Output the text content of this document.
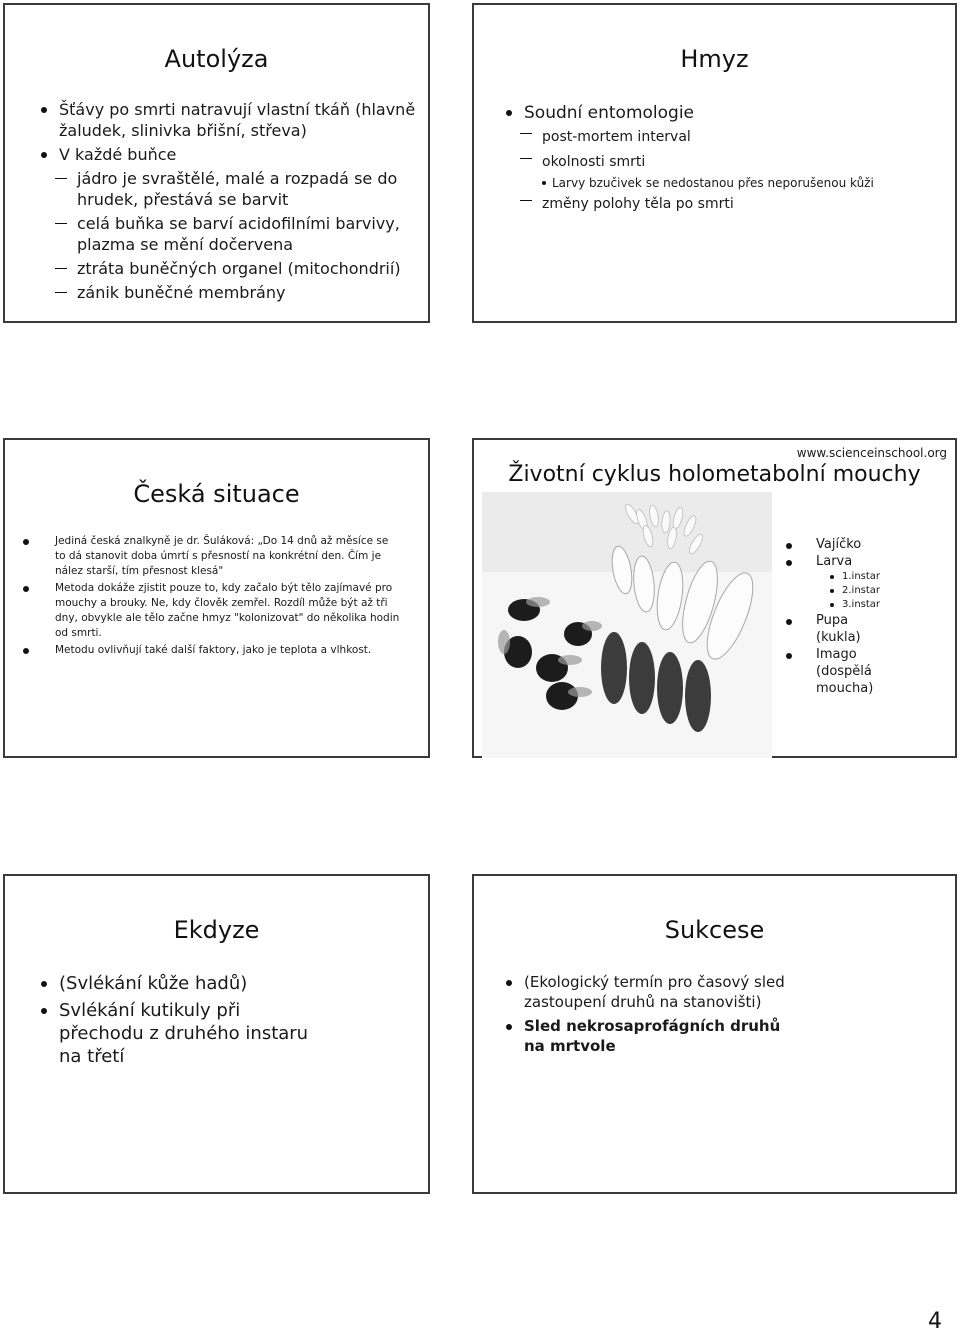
Autolýza
Šťávy po smrti natravují vlastní tkáň (hlavně žaludek, slinivka břišní, střeva)
V každé buňce
jádro je svraštělé, malé a rozpadá se do hrudek, přestává se barvit
celá buňka se barví acidofilními barvivy, plazma se mění dočervena
ztráta buněčných organel (mitochondrií)
zánik buněčné membrány
Hmyz
Soudní entomologie
post-mortem interval
okolnosti smrti
Larvy bzučivek se nedostanou přes neporušenou kůži
změny polohy těla po smrti
Česká situace
Jediná česká znalkyně je dr. Šuláková: „Do 14 dnů až měsíce se to dá stanovit doba úmrtí s přesností na konkrétní den. Čím je nález starší, tím přesnost klesá"
Metoda dokáže zjistit pouze to, kdy začalo být tělo zajímavé pro mouchy a brouky. Ne, kdy člověk zemřel. Rozdíl může být až tři dny, obvykle ale tělo začne hmyz "kolonizovat" do několika hodin od smrti.
Metodu ovlivňují také další faktory, jako je teplota a vlhkost.
www.scienceinschool.org
Životní cyklus holometabolní mouchy
Vajíčko
Larva
1.instar
2.instar
3.instar
Pupa (kukla)
Imago (dospělá moucha)
Ekdyze
(Svlékání kůže hadů)
Svlékání kutikuly při přechodu z druhého instaru na třetí
Sukcese
(Ekologický termín pro časový sled zastoupení druhů na stanovišti)
Sled nekrosaprofágních druhů na mrtvole
4
